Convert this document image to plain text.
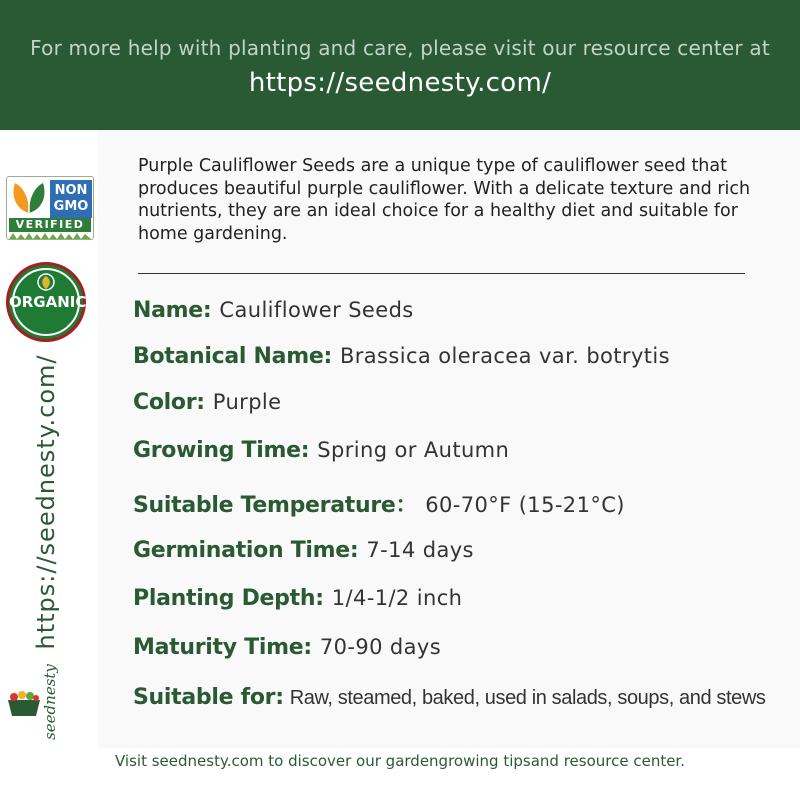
For more help with planting and care, please visit our resource center at
https://seednesty.com/
NON
GMO
VERIFIED
ORGANIC
https://seednesty.com/
seednesty
Purple Cauliflower Seeds are a unique type of cauliflower seed that produces beautiful purple cauliflower. With a delicate texture and rich nutrients, they are an ideal choice for a healthy diet and suitable for home gardening.
Name: Cauliflower Seeds
Botanical Name: Brassica oleracea var. botrytis
Color: Purple
Growing Time: Spring or Autumn
Suitable Temperature： 60-70°F (15-21°C)
Germination Time: 7-14 days
Planting Depth: 1/4-1/2 inch
Maturity Time: 70-90 days
Suitable for: Raw, steamed, baked, used in salads, soups, and stews
Visit seednesty.com to discover our gardengrowing tipsand resource center.
